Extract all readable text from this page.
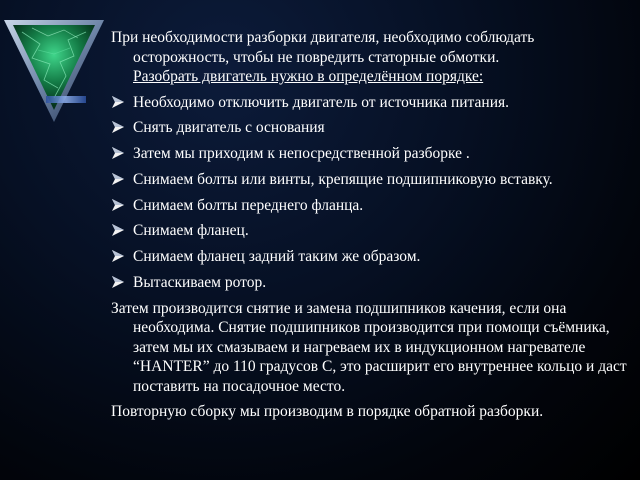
При необходимости разборки двигателя, необходимо соблюдать осторожность, чтобы не повредить статорные обмотки.
Разобрать двигатель нужно в определённом порядке:

Необходимо отключить двигатель от источника питания.
Снять двигатель с основания
Затем мы приходим к непосредственной разборке .
Снимаем болты или винты, крепящие подшипниковую вставку.
Снимаем болты переднего фланца.
Снимаем фланец.
Снимаем фланец задний таким же образом.
Вытаскиваем ротор.

Затем производится снятие и замена подшипников качения, если она необходима. Снятие подшипников производится при помощи съёмника, затем мы их смазываем и нагреваем их в индукционном нагревателе “HANTER” до 110 градусов С, это расширит его внутреннее кольцо и даст поставить на посадочное место.

Повторную сборку мы производим в порядке обратной разборки.
